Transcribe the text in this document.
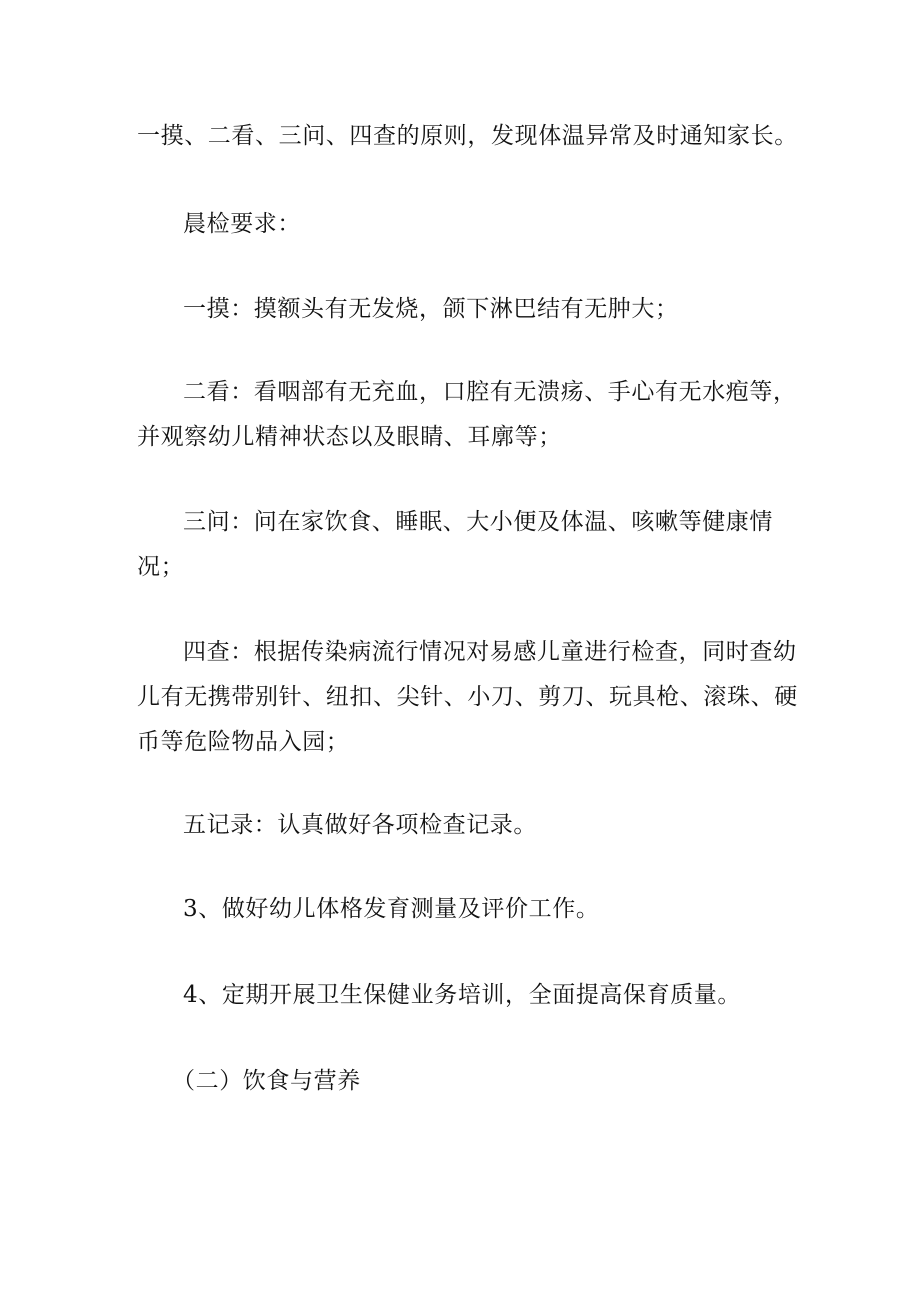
一摸、二看、三问、四查的原则，发现体温异常及时通知家长。

晨检要求：

一摸：摸额头有无发烧，颌下淋巴结有无肿大；

二看：看咽部有无充血，口腔有无溃疡、手心有无水疱等，
并观察幼儿精神状态以及眼睛、耳廓等；

三问：问在家饮食、睡眠、大小便及体温、咳嗽等健康情
况；

四查：根据传染病流行情况对易感儿童进行检查，同时查幼
儿有无携带别针、纽扣、尖针、小刀、剪刀、玩具枪、滚珠、硬
币等危险物品入园；

五记录：认真做好各项检查记录。

3、做好幼儿体格发育测量及评价工作。

4、定期开展卫生保健业务培训，全面提高保育质量。

（二）饮食与营养
